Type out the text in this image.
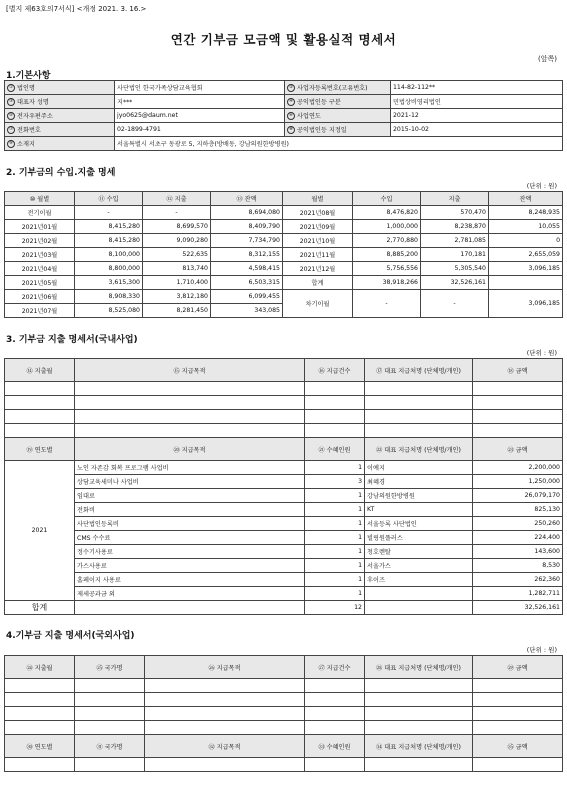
[별지 제63호의7서식] <개정 2021. 3. 16.>
연간 기부금 모금액 및 활용실적 명세서
(앞쪽)
1.기본사항
① 법인명	사단법인 한국가족상담교육협회	② 사업자등록번호(고유번호)	114-82-112**
③ 대표자 성명	지***	④ 공익법인등 구분	민법상비영리법인
⑤ 전자우편주소	jyo0625@daum.net	⑥ 사업연도	2021-12
⑦ 전화번호	02-1899-4791	⑧ 공익법인등 지정일	2015-10-02
⑨ 소재지	서울특별시 서초구 동광로 5, 지하층(방배동, 강남의원한방병원)		
2. 기부금의 수입.지출 명세
(단위 : 원)
⑩ 월별	⑪ 수입	⑫ 지출	⑬ 잔액	월별	수입	지출	잔액
전기이월	-	-	8,694,080	2021년08월	8,476,820	570,470	8,248,935
2021년01월	8,415,280	8,699,570	8,409,790	2021년09월	1,000,000	8,238,870	10,055
2021년02월	8,415,280	9,090,280	7,734,790	2021년10월	2,770,880	2,781,085	0
2021년03월	8,100,000	522,635	8,312,155	2021년11월	8,885,200	170,181	2,655,059
2021년04월	8,800,000	813,740	4,598,415	2021년12월	5,756,556	5,305,540	3,096,185
2021년05월	3,615,300	1,710,400	6,503,315	합계	38,918,266	32,526,161	
2021년06월	8,908,330	3,812,180	6,099,455	차기이월	-	-	3,096,185
2021년07월	8,525,080	8,281,450	343,085				
3. 기부금 지출 명세서(국내사업)
(단위 : 원)
⑭ 지출월	⑮ 지급목적	⑯ 지급건수	⑰ 대표 지급처명 (단체명/개인)	⑱ 금액

⑲ 연도별	⑳ 지급목적	㉑ 수혜인원	㉒ 대표 지급처명 (단체명/개인)	㉓ 금액
2021	노인 자존감 회복 프로그램 사업비	1	이예지	2,200,000
	상담교육세미나 사업비	3	최혜경	1,250,000
	임대료	1	강남의원한방병원	26,079,170
	전화비	1	KT	825,130
	사단법인등록비	1	서울등록 사단법인	250,260
	CMS 수수료	1	빌링원플러스	224,400
	정수기사용료	1	청호렌탈	143,600
	가스사용료	1	서울가스	8,530
	홈페이지 사용료	1	후이즈	262,360
	제세공과금 외	1		1,282,711
합계		12		32,526,161
4.기부금 지출 명세서(국외사업)
(단위 : 원)
㉔ 지출월	㉕ 국가명	㉖ 지급목적	㉗ 지급건수	㉘ 대표 지급처명 (단체명/개인)	㉙ 금액

㉚ 연도별	㉛ 국가명	㉜ 지급목적	㉝ 수혜인원	㉞ 대표 지급처명 (단체명/개인)	㉟ 금액
